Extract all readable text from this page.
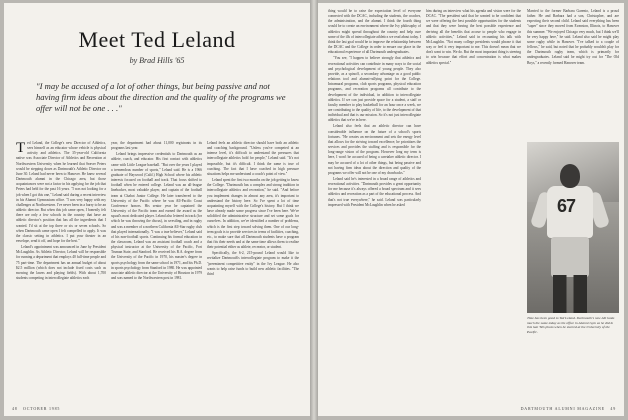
Meet Ted Leland
by Brad Hills '65

"I may be accused of a lot of other things, but being passive and not having firm ideas about the direction and the quality of the programs we offer will not be one . . ."

Ted Leland, the College's new Director of Athletics, sees himself as an educator whose vehicle is physical activity and athletics. The 35-year-old California native was Associate Director of Athletics and Recreation at Northwestern University when he learned that Seaver Peters would be stepping down as Dartmouth's Athletic Director on June 30. Leland had never been to Hanover. He knew several Dartmouth alumni in the Chicago area, but those acquaintances were not a factor in his applying for the job that Peters had held for the past 16 years. "I was not looking for a job when I got this one," Leland said during a recent interview in his Alumni Gymnasium office. "I was very happy with my challenges at Northwestern. I've never been in a hurry to be an athletic director. But when this job came open, I honestly felt there are only a few schools in the country that have an athletic director's position that has all the ingredients that I wanted. I'd sit at the top three or six or seven schools. So when Dartmouth came open I felt compelled to apply. It was the classic setting in athletics. I put your theater in an envelope, send it off, and hope for the best."

Leland's appointment was announced in June by President McLaughlin. As Athletic Director, Leland will be responsible for running a department that employs 40 full-time people and 75 part-time. The department has an annual budget of about $2.5 million (which does not include fixed costs such as mowing the lawns and playing fields). With about 1,700 students competing in intercollegiate athletics each

year, the department had about 11,000 registrants in its programs last year.

Leland brings impressive credentials to Dartmouth as an athlete, coach, and educator. His first contact with athletics came with Little League baseball. "But over the years I played a tremendous number of sports," Leland said. He is a 1966 graduate of Haywood (Calif.) High School where his athletic interests focused on football and track. That focus shifted to football when he entered college. Leland was an all-league linebacker, most valuable player, and captain of the football team at Chabot Junior College. He later transferred to the University of the Pacific where he was All-Pacific Coast Conference honors. His senior year he captained the University of the Pacific team and earned the award as the squad's most dedicated player. Leland also lettered in track (for which he was throwing the discus), in wrestling, and in rugby and was a member of a northern California All-Star rugby club that played internationally. "I was a true believer," Leland said of his non-football sports. Continuing his formal education in the classroom, Leland was an assistant football coach and a physical instructor at the University of the Pacific, Fort Truman State, and Stanford. He received his B.A. degree from the University of the Pacific in 1970, his master's degree in sports psychology from the same school in 1971, and his Ph.D. in sports psychology from Stanford in 1980. He was appointed associate athletic director at the University of Houston in 1979 and was named to the Northwestern post in 1981.

Leland feels an athletic director should have both an athletic and coaching background. "Unless you've competed at an intense level, it's difficult to understand the pressures that intercollegiate athletics hold for people," Leland said. "It's not impossible, but it's difficult. I think the same is true of coaching. The fact that I have coached in high pressure situations helps me understand a coach's point of view."

Leland spent the first two months on the job getting to know the College. "Dartmouth has a complex and strong tradition in intercollegiate athletics and recreation," he said. "And before you implement changes in almost any area, it's important to understand the history here. So I've spent a lot of time acquainting myself with the College's history. But I think we have already made some progress since I've been here. We've solidified the administrative structure and set some goals for ourselves. In addition, we've identified a number of problems, which is the first step toward solving them. One of our long-term goals is to provide services in terms of facilities, coaching, etc., to make sure that all Dartmouth students have a program that fits their needs and at the same time allows them to realize their potential either as athlete, recreator, or student.

Specifically, the 6-2, 215-pound Leland would like to revitalize Dartmouth's intercollegiate program to make it the "preeminent competitive entity" in the Ivy League. He also wants to help raise funds to build new athletic facilities. "The third

48 OCTOBER 1985

thing would be to raise the expectation level of everyone connected with the DCAC, including the students, the coaches, the administration, and the alumni. I think the fourth thing would be to create an environment where the Ivy philosophy of athletics might spread throughout the country and help cure some of the ills of intercollegiate athletics we read about today. I think the last goal would be to improve the relationship between the DCAC and the College in order to ensure our place in the educational experience of all Dartmouth undergraduates.

"You see, "I happen to believe strongly that athletics and recreational activities can contribute in many ways to the social and psychological development of young people. They also provide, as a spinoff, a secondary advantage as a good public relations tool and alumni-rallying point for the College. Intramural programs, club sports programs, physical education programs, and recreation programs all contribute to the development of the individual, in addition to intercollegiate athletics. If we can just provide space for a student, a staff or faculty member to play basketball for an hour once a week, we are contributing to the quality of life, to the development of that individual and that is our mission. So it's not just intercollegiate athletics that we're in here.

Leland also feels that an athletic director can have considerable influence on the future of a school's sports fortunes. "He creates an environment and sets the energy level that allows for the striving toward excellence; he prioritizes the services and provides the staffing and is responsible for the long-range vision of the program. However long my term is here, I won't be accused of being a caretaker athletic director. I may be accused of a lot of other things, but being passive and not having firm ideas about the direction and quality of the programs we offer will not be one of my drawbacks."

Leland said he's interested in a broad range of athletics and recreational activities. "Dartmouth provides a great opportunity for me because it's always offered a broad spectrum and it sees athletics and recreation as a part of the educational process. And that's not true everywhere," he said. Leland was particularly impressed with President McLaughlin when he asked

him during an interview what his agenda and vision were for the DCAC. "The president said that he wanted to be confident that we were offering the best possible opportunities for the students and that they were having the best possible experience and deriving all the benefits that accrue to people who engage in athletic activities," Leland said in recounting his talk with McLaughlin. "Not many college presidents would phrase it that way or feel it very important to me. This doesn't mean that we don't want to win. We do. But the most important thing is steering to win because that effort and concentration is what makes athletics special."

Married to the former Barbara Garenio, Leland is a proud father. He and Barbara had a son, Christopher, and are expecting their second child. Leland said everything has been "super" since they moved from Evanston, Illinois, to Hanover this summer. "We enjoyed Chicago very much, but I think we'll be very happy here," he said. Leland also said he might play some rugby while in Hanover. "I've talked to a couple of fellows," he said, but noted that he probably wouldn't play for the Dartmouth rugby team, which is primarily for undergraduates. Leland said he might try out for "The Old Boys," a recently formed Hanover team.

67
Time has been good to Ted Leland. Dartmouth's new AD looks much the same today as his office in Alumni Gym as he did in this late '60s photo when he starred at the University of the Pacific.
DARTMOUTH ALUMNI MAGAZINE 49
